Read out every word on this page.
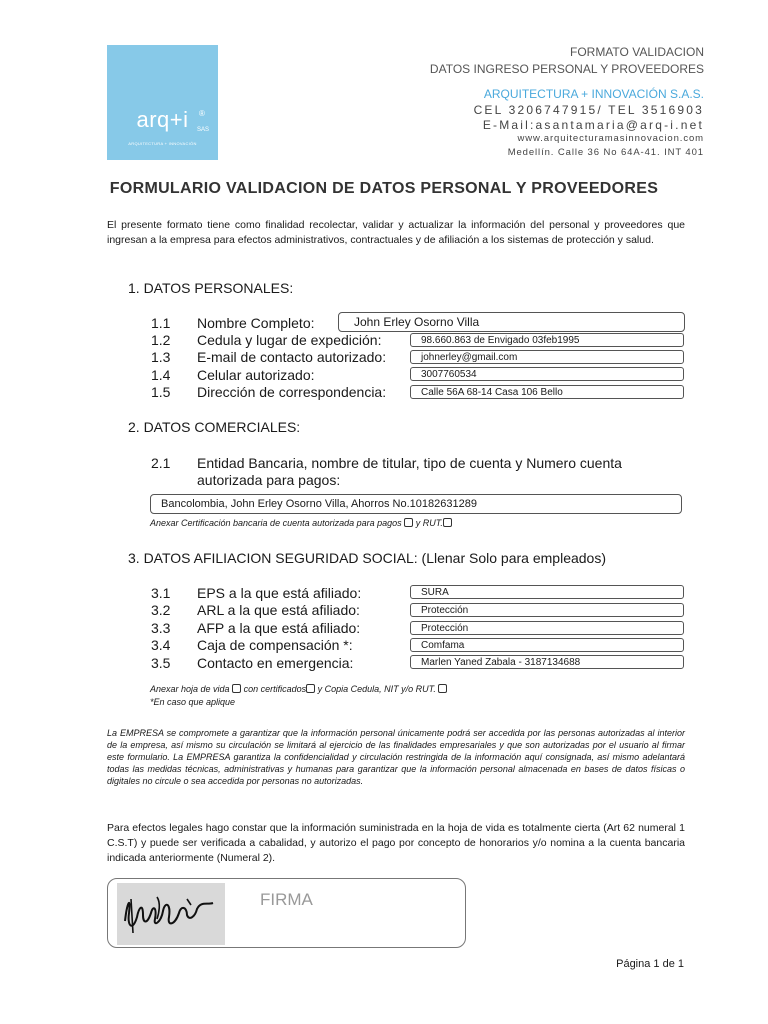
arq+i	®
SAS
ARQUITECTURA + INNOVACIÓN
FORMATO VALIDACION
DATOS INGRESO PERSONAL Y PROVEEDORES
ARQUITECTURA + INNOVACIÓN S.A.S.
CEL 3206747915/ TEL 3516903
E-Mail:asantamaria@arq-i.net
www.arquitecturamasinnovacion.com
Medellín. Calle 36 No 64A-41. INT 401
FORMULARIO VALIDACION DE DATOS PERSONAL Y PROVEEDORES
El presente formato tiene como finalidad recolectar, validar y actualizar la información del personal y proveedores que ingresan a la empresa para efectos administrativos, contractuales y de afiliación a los sistemas de protección y salud.
1. DATOS PERSONALES:
1.1 Nombre Completo:	John Erley Osorno Villa
1.2 Cedula y lugar de expedición:	98.660.863 de Envigado 03feb1995
1.3 E-mail de contacto autorizado:	johnerley@gmail.com
1.4 Celular autorizado:	3007760534
1.5 Dirección de correspondencia:	Calle 56A 68-14 Casa 106 Bello
2. DATOS COMERCIALES:
2.1 Entidad Bancaria, nombre de titular, tipo de cuenta y Numero cuenta
autorizada para pagos:
Bancolombia, John Erley Osorno Villa, Ahorros No.10182631289
Anexar Certificación bancaria de cuenta autorizada para pagos y RUT.
3. DATOS AFILIACION SEGURIDAD SOCIAL: (Llenar Solo para empleados)
3.1 EPS a la que está afiliado:	SURA
3.2 ARL a la que está afiliado:	Protección
3.3 AFP a la que está afiliado:	Protección
3.4 Caja de compensación *:	Comfama
3.5 Contacto en emergencia:	Marlen Yaned Zabala - 3187134688
Anexar hoja de vida con certificados y Copia Cedula, NIT y/o RUT.
*En caso que aplique
La EMPRESA se compromete a garantizar que la información personal únicamente podrá ser accedida por las personas autorizadas al interior de la empresa, así mismo su circulación se limitará al ejercicio de las finalidades empresariales y que son autorizadas por el usuario al firmar este formulario. La EMPRESA garantiza la confidencialidad y circulación restringida de la información aquí consignada, así mismo adelantará todas las medidas técnicas, administrativas y humanas para garantizar que la información personal almacenada en bases de datos físicas o digitales no circule o sea accedida por personas no autorizadas.
Para efectos legales hago constar que la información suministrada en la hoja de vida es totalmente cierta (Art 62 numeral 1 C.S.T) y puede ser verificada a cabalidad, y autorizo el pago por concepto de honorarios y/o nomina a la cuenta bancaria indicada anteriormente (Numeral 2).
FIRMA
Página 1 de 1
